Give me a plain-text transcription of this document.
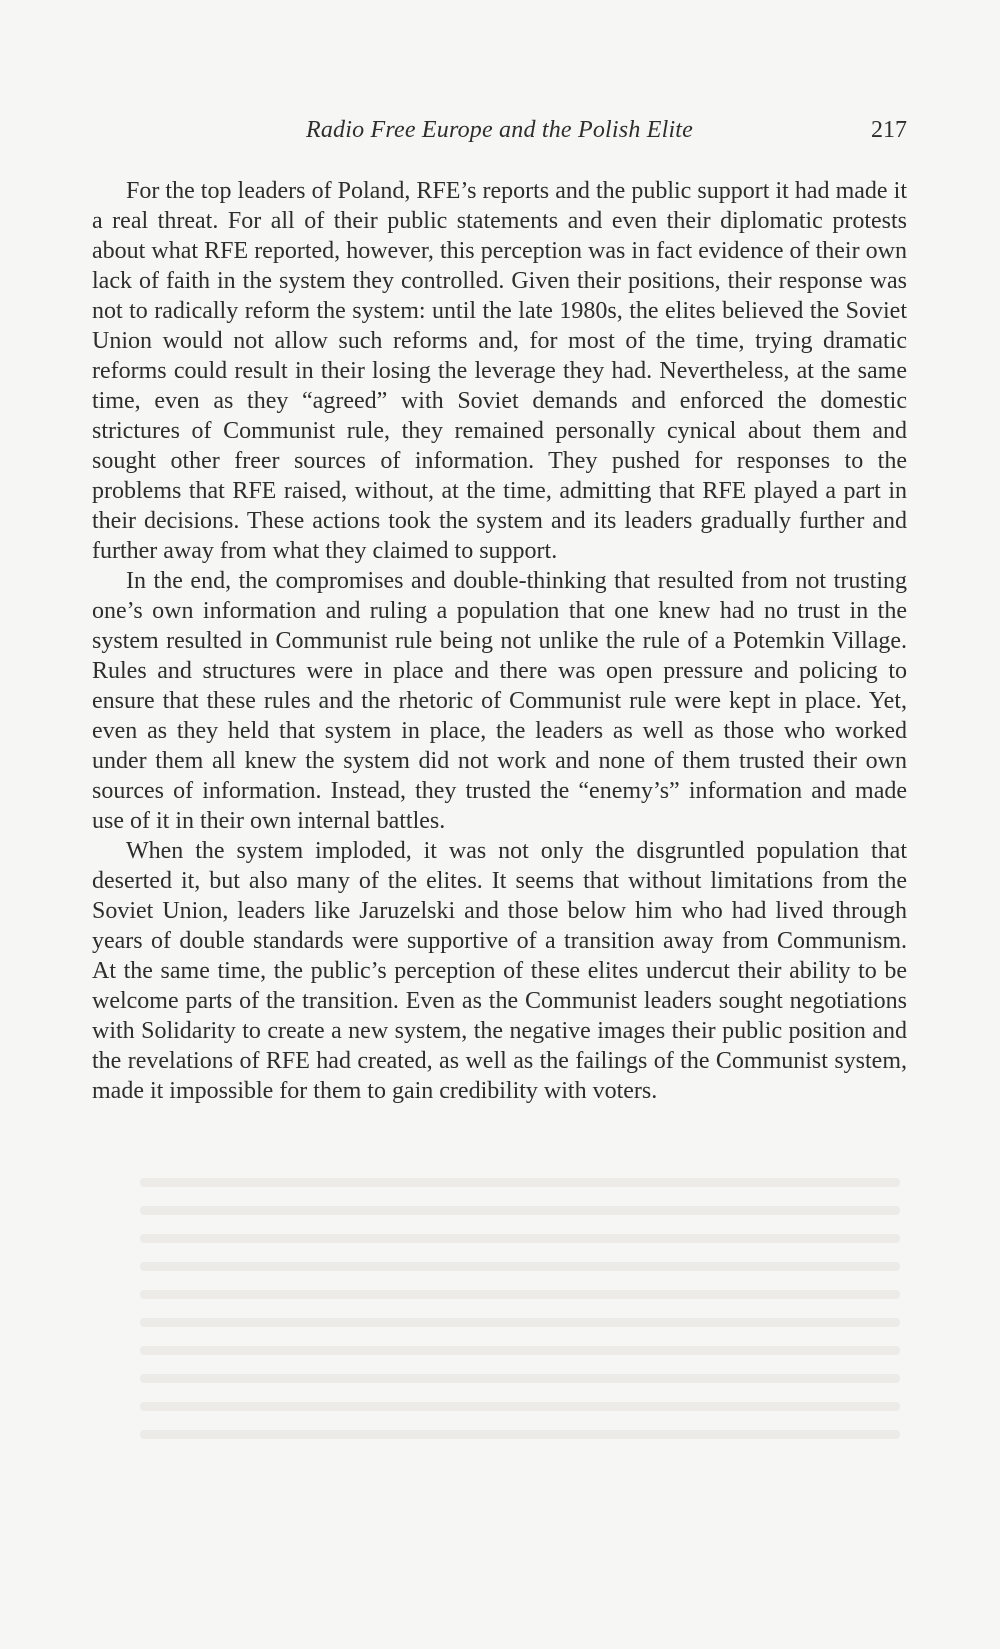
Radio Free Europe and the Polish Elite	217

For the top leaders of Poland, RFE’s reports and the public support it had made it a real threat. For all of their public statements and even their diplomatic protests about what RFE reported, however, this perception was in fact evidence of their own lack of faith in the system they controlled. Given their positions, their response was not to radically reform the system: until the late 1980s, the elites believed the Soviet Union would not allow such reforms and, for most of the time, trying dramatic reforms could result in their losing the leverage they had. Nevertheless, at the same time, even as they “agreed” with Soviet demands and enforced the domestic strictures of Communist rule, they remained personally cynical about them and sought other freer sources of information. They pushed for responses to the problems that RFE raised, without, at the time, admitting that RFE played a part in their decisions. These actions took the system and its leaders gradually further and further away from what they claimed to support.

In the end, the compromises and double-thinking that resulted from not trusting one’s own information and ruling a population that one knew had no trust in the system resulted in Communist rule being not unlike the rule of a Potemkin Village. Rules and structures were in place and there was open pressure and policing to ensure that these rules and the rhetoric of Communist rule were kept in place. Yet, even as they held that system in place, the leaders as well as those who worked under them all knew the system did not work and none of them trusted their own sources of information. Instead, they trusted the “enemy’s” information and made use of it in their own internal battles.

When the system imploded, it was not only the disgruntled population that deserted it, but also many of the elites. It seems that without limitations from the Soviet Union, leaders like Jaruzelski and those below him who had lived through years of double standards were supportive of a transition away from Communism. At the same time, the public’s perception of these elites undercut their ability to be welcome parts of the transition. Even as the Communist leaders sought negotiations with Solidarity to create a new system, the negative images their public position and the revelations of RFE had created, as well as the failings of the Communist system, made it impossible for them to gain credibility with voters.
